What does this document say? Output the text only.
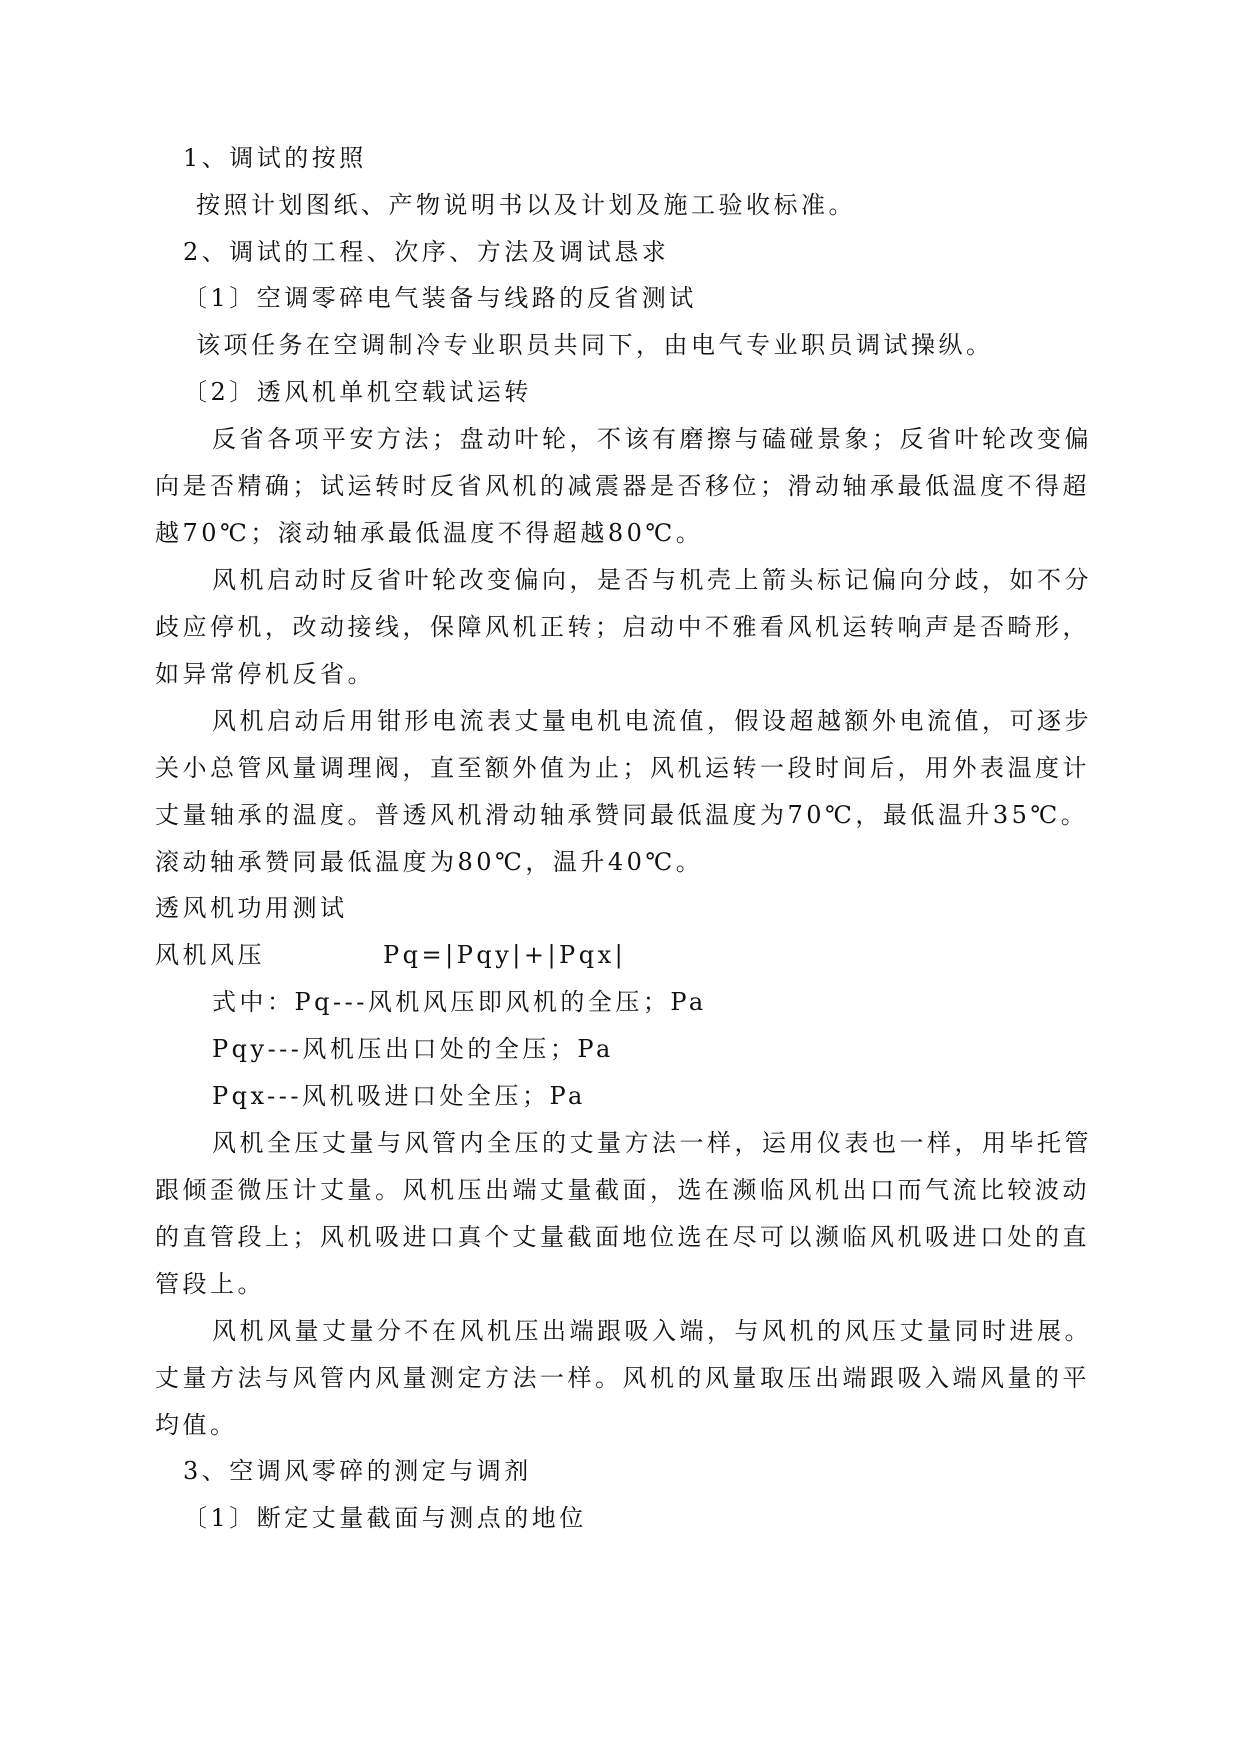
1、调试的按照
按照计划图纸、产物说明书以及计划及施工验收标准。
2、调试的工程、次序、方法及调试恳求
〔1〕空调零碎电气装备与线路的反省测试
该项任务在空调制冷专业职员共同下，由电气专业职员调试操纵。
〔2〕透风机单机空载试运转
反省各项平安方法；盘动叶轮，不该有磨擦与磕碰景象；反省叶轮改变偏
向是否精确；试运转时反省风机的减震器是否移位；滑动轴承最低温度不得超
越70℃；滚动轴承最低温度不得超越80℃。
风机启动时反省叶轮改变偏向，是否与机壳上箭头标记偏向分歧，如不分
歧应停机，改动接线，保障风机正转；启动中不雅看风机运转响声是否畸形，
如异常停机反省。
风机启动后用钳形电流表丈量电机电流值，假设超越额外电流值，可逐步
关小总管风量调理阀，直至额外值为止；风机运转一段时间后，用外表温度计
丈量轴承的温度。普透风机滑动轴承赞同最低温度为70℃，最低温升35℃。
滚动轴承赞同最低温度为80℃，温升40℃。
透风机功用测试
风机风压	Pq=|Pqy|+|Pqx|
式中：Pq---风机风压即风机的全压；Pa
Pqy---风机压出口处的全压；Pa
Pqx---风机吸进口处全压；Pa
风机全压丈量与风管内全压的丈量方法一样，运用仪表也一样，用毕托管
跟倾歪微压计丈量。风机压出端丈量截面，选在濒临风机出口而气流比较波动
的直管段上；风机吸进口真个丈量截面地位选在尽可以濒临风机吸进口处的直
管段上。
风机风量丈量分不在风机压出端跟吸入端，与风机的风压丈量同时进展。
丈量方法与风管内风量测定方法一样。风机的风量取压出端跟吸入端风量的平
均值。
3、空调风零碎的测定与调剂
〔1〕断定丈量截面与测点的地位
